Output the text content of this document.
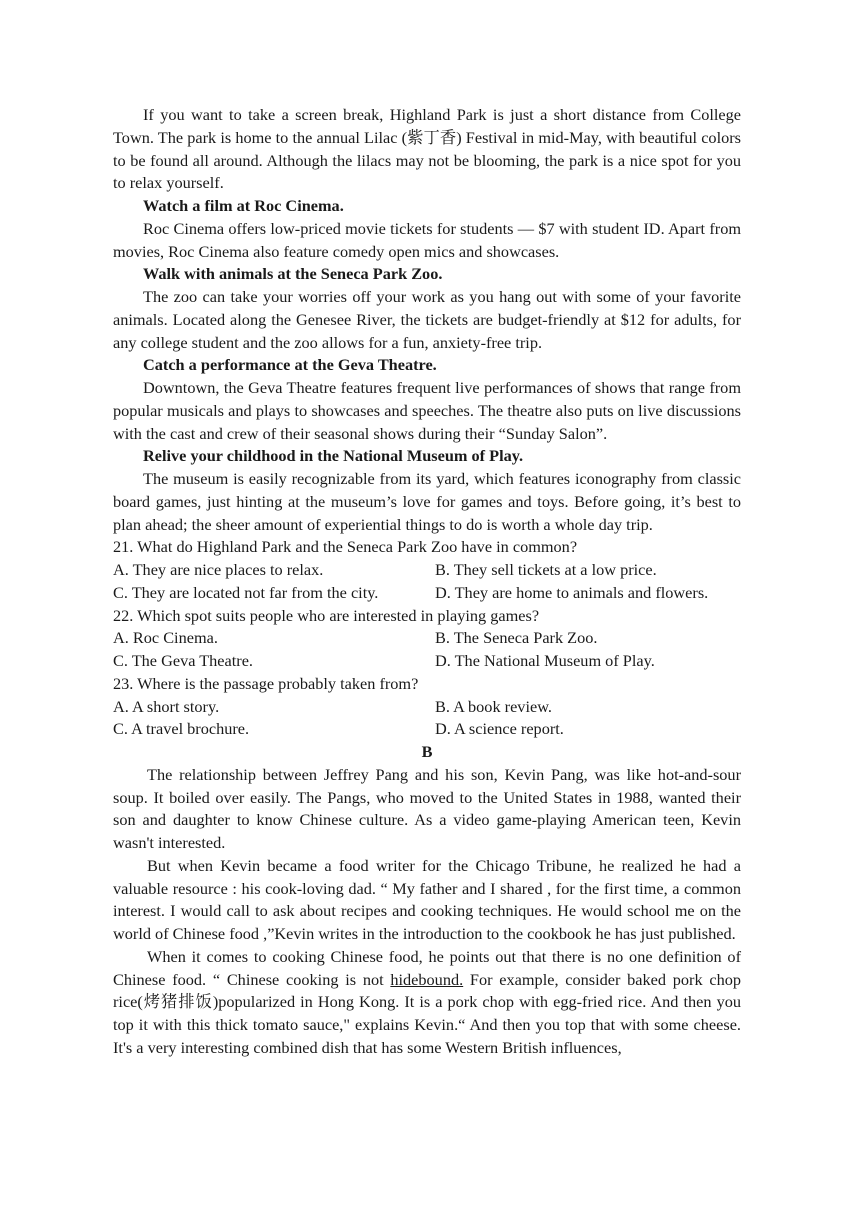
If you want to take a screen break, Highland Park is just a short distance from College Town. The park is home to the annual Lilac (紫丁香) Festival in mid-May, with beautiful colors to be found all around. Although the lilacs may not be blooming, the park is a nice spot for you to relax yourself.

Watch a film at Roc Cinema.

Roc Cinema offers low-priced movie tickets for students — $7 with student ID. Apart from movies, Roc Cinema also feature comedy open mics and showcases.

Walk with animals at the Seneca Park Zoo.

The zoo can take your worries off your work as you hang out with some of your favorite animals. Located along the Genesee River, the tickets are budget-friendly at $12 for adults, for any college student and the zoo allows for a fun, anxiety-free trip.

Catch a performance at the Geva Theatre.

Downtown, the Geva Theatre features frequent live performances of shows that range from popular musicals and plays to showcases and speeches. The theatre also puts on live discussions with the cast and crew of their seasonal shows during their “Sunday Salon”.

Relive your childhood in the National Museum of Play.

The museum is easily recognizable from its yard, which features iconography from classic board games, just hinting at the museum’s love for games and toys. Before going, it’s best to plan ahead; the sheer amount of experiential things to do is worth a whole day trip.

21. What do Highland Park and the Seneca Park Zoo have in common?

A. They are nice places to relax.	B. They sell tickets at a low price.
C. They are located not far from the city.	D. They are home to animals and flowers.

22. Which spot suits people who are interested in playing games?

A. Roc Cinema.	B. The Seneca Park Zoo.
C. The Geva Theatre.	D. The National Museum of Play.

23. Where is the passage probably taken from?

A. A short story.	B. A book review.
C. A travel brochure.	D. A science report.

B

The relationship between Jeffrey Pang and his son, Kevin Pang, was like hot-and-sour soup. It boiled over easily. The Pangs, who moved to the United States in 1988, wanted their son and daughter to know Chinese culture. As a video game-playing American teen, Kevin wasn't interested.

But when Kevin became a food writer for the Chicago Tribune, he realized he had a valuable resource : his cook-loving dad. “ My father and I shared , for the first time, a common interest. I would call to ask about recipes and cooking techniques. He would school me on the world of Chinese food ,”Kevin writes in the introduction to the cookbook he has just published.

When it comes to cooking Chinese food, he points out that there is no one definition of Chinese food. “ Chinese cooking is not hidebound. For example, consider baked pork chop rice(烤猪排饭)popularized in Hong Kong. It is a pork chop with egg-fried rice. And then you top it with this thick tomato sauce," explains Kevin.“ And then you top that with some cheese. It's a very interesting combined dish that has some Western British influences,
